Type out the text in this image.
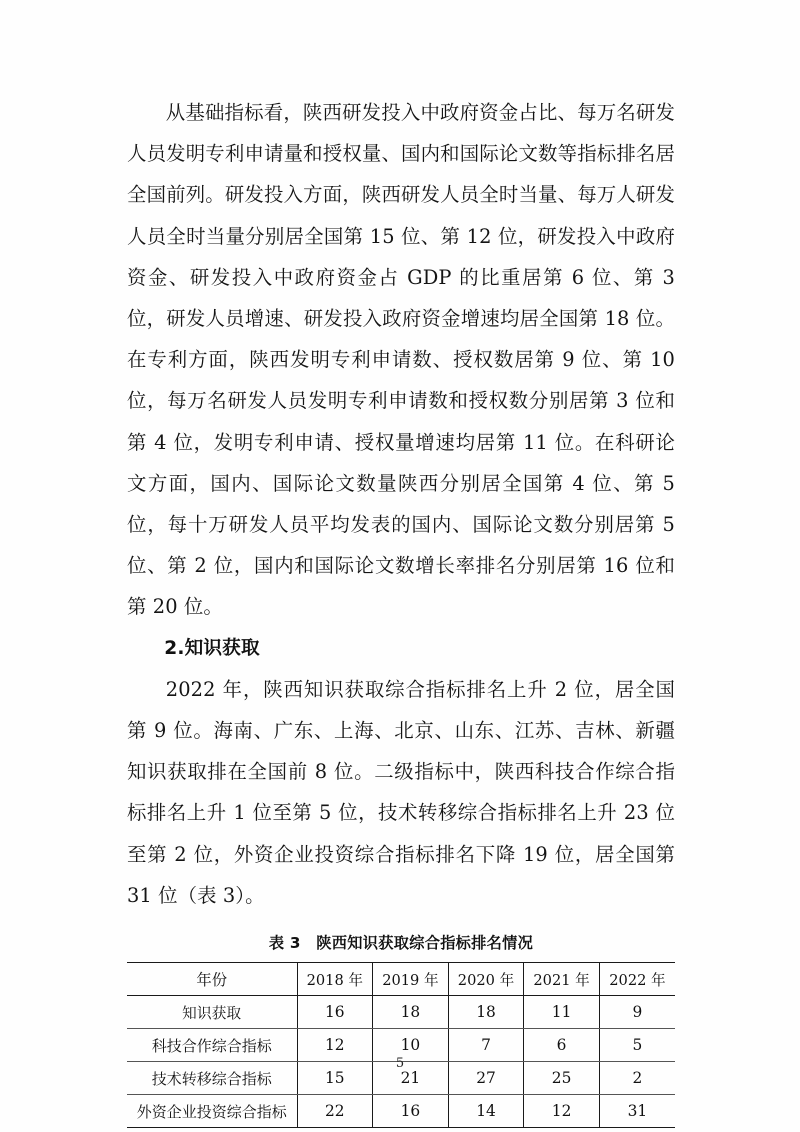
从基础指标看，陕西研发投入中政府资金占比、每万名研发人员发明专利申请量和授权量、国内和国际论文数等指标排名居全国前列。研发投入方面，陕西研发人员全时当量、每万人研发人员全时当量分别居全国第 15 位、第 12 位，研发投入中政府资金、研发投入中政府资金占 GDP 的比重居第 6 位、第 3 位，研发人员增速、研发投入政府资金增速均居全国第 18 位。在专利方面，陕西发明专利申请数、授权数居第 9 位、第 10 位，每万名研发人员发明专利申请数和授权数分别居第 3 位和第 4 位，发明专利申请、授权量增速均居第 11 位。在科研论文方面，国内、国际论文数量陕西分别居全国第 4 位、第 5 位，每十万研发人员平均发表的国内、国际论文数分别居第 5 位、第 2 位，国内和国际论文数增长率排名分别居第 16 位和第 20 位。

2.知识获取

2022 年，陕西知识获取综合指标排名上升 2 位，居全国第 9 位。海南、广东、上海、北京、山东、江苏、吉林、新疆知识获取排在全国前 8 位。二级指标中，陕西科技合作综合指标排名上升 1 位至第 5 位，技术转移综合指标排名上升 23 位至第 2 位，外资企业投资综合指标排名下降 19 位，居全国第 31 位（表 3）。

表 3　陕西知识获取综合指标排名情况
年份	2018 年	2019 年	2020 年	2021 年	2022 年
知识获取	16	18	18	11	9
科技合作综合指标	12	10	7	6	5
技术转移综合指标	15	21	27	25	2
外资企业投资综合指标	22	16	14	12	31
5
